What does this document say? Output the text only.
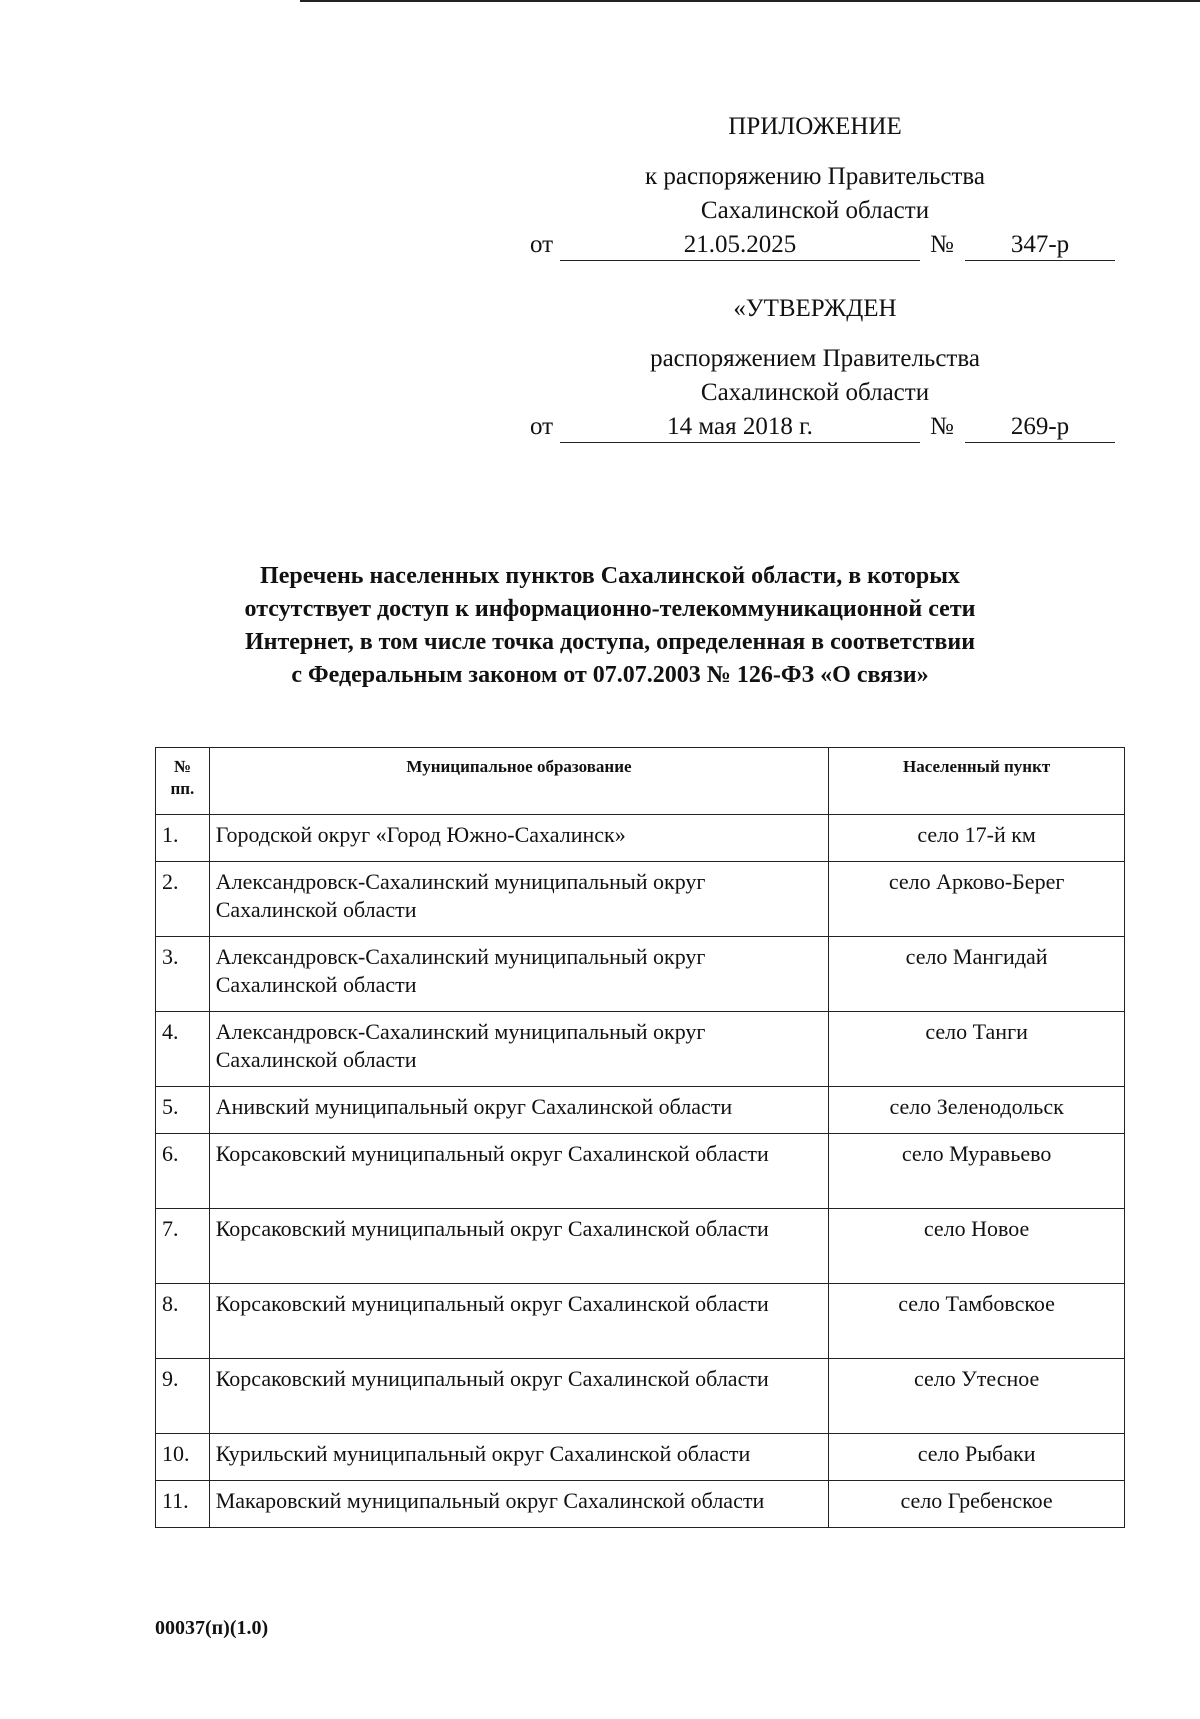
ПРИЛОЖЕНИЕ
к распоряжению Правительства
Сахалинской области
от	21.05.2025	№	347-р
«УТВЕРЖДЕН
распоряжением Правительства
Сахалинской области
от	14 мая 2018 г.	№	269-р
Перечень населенных пунктов Сахалинской области, в которых
отсутствует доступ к информационно-телекоммуникационной сети
Интернет, в том числе точка доступа, определенная в соответствии
с Федеральным законом от 07.07.2003 № 126-ФЗ «О связи»
№
пп.	Муниципальное образование	Населенный пункт
1.	Городской округ «Город Южно-Сахалинск»	село 17-й км
2.	Александровск-Сахалинский муниципальный округ Сахалинской области	село Арково-Берег
3.	Александровск-Сахалинский муниципальный округ Сахалинской области	село Мангидай
4.	Александровск-Сахалинский муниципальный округ Сахалинской области	село Танги
5.	Анивский муниципальный округ Сахалинской области	село Зеленодольск
6.	Корсаковский муниципальный округ Сахалинской области	село Муравьево
7.	Корсаковский муниципальный округ Сахалинской области	село Новое
8.	Корсаковский муниципальный округ Сахалинской области	село Тамбовское
9.	Корсаковский муниципальный округ Сахалинской области	село Утесное
10.	Курильский муниципальный округ Сахалинской области	село Рыбаки
11.	Макаровский муниципальный округ Сахалинской области	село Гребенское
00037(п)(1.0)
